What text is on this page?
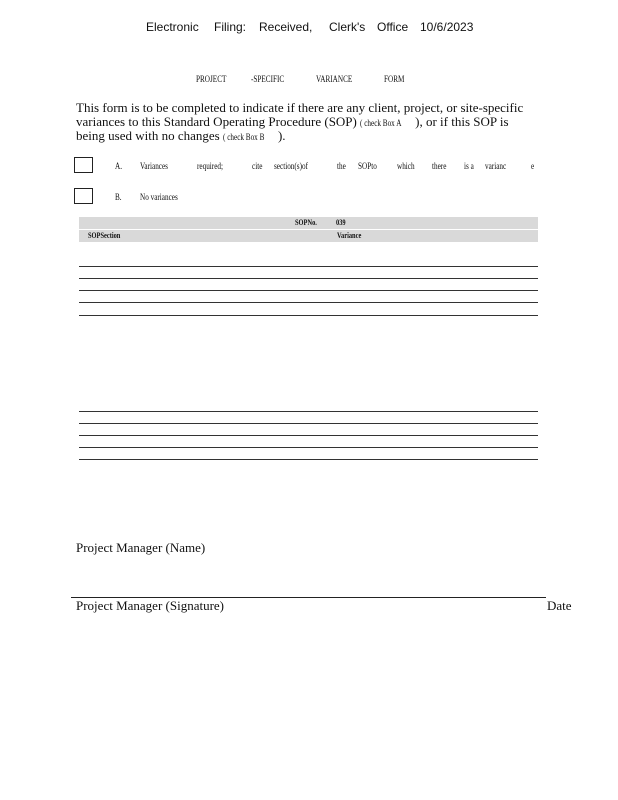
Electronic Filing: Received, Clerk's Office 10/6/2023
PROJECT	-SPECIFIC	VARIANCE	FORM
This form is to be completed to indicate if there are any client, project, or site-specific
variances to this Standard Operating Procedure (SOP) ( check Box A ), or if this SOP is
being used with no changes ( check Box B ).
A. Variances	required;	cite section(s)of	the SOPto which there is a varianc	e
B. No variances
SOPNo. 039
SOPSection	Variance
Project Manager (Name)
Project Manager (Signature)	Date
